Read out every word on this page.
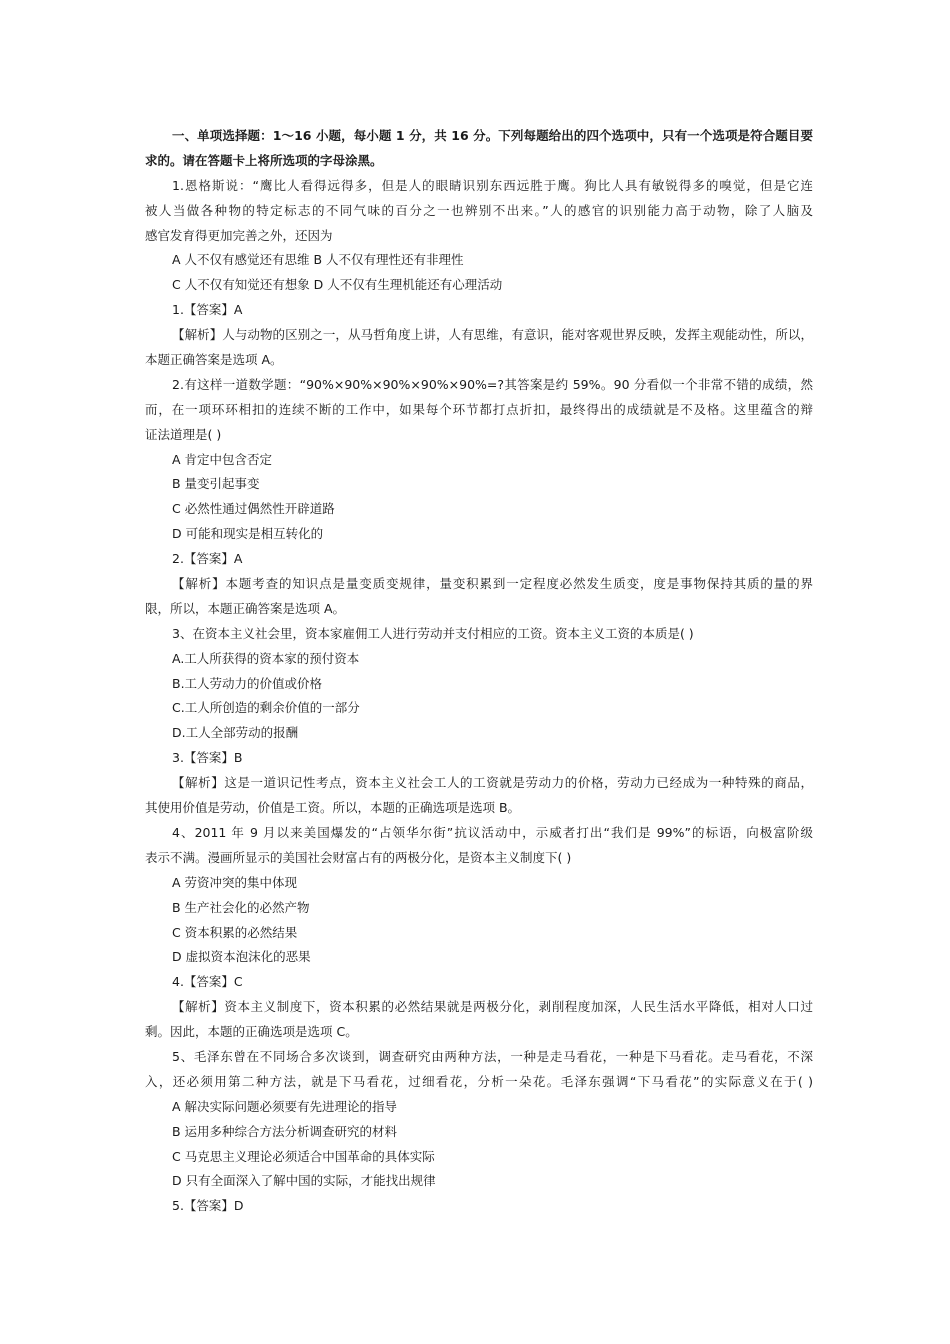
一、单项选择题：1～16 小题，每小题 1 分，共 16 分。下列每题给出的四个选项中，只有一个选项是符合题目要
求的。请在答题卡上将所选项的字母涂黑。
1.恩格斯说：“鹰比人看得远得多，但是人的眼睛识别东西远胜于鹰。狗比人具有敏锐得多的嗅觉，但是它连
被人当做各种物的特定标志的不同气味的百分之一也辨别不出来。”人的感官的识别能力高于动物，除了人脑及
感官发育得更加完善之外，还因为
A 人不仅有感觉还有思维 B 人不仅有理性还有非理性
C 人不仅有知觉还有想象 D 人不仅有生理机能还有心理活动
1.【答案】A
【解析】人与动物的区别之一，从马哲角度上讲，人有思维，有意识，能对客观世界反映，发挥主观能动性，所以，
本题正确答案是选项 A。
2.有这样一道数学题：“90%×90%×90%×90%×90%=?其答案是约 59%。90 分看似一个非常不错的成绩，然
而，在一项环环相扣的连续不断的工作中，如果每个环节都打点折扣，最终得出的成绩就是不及格。这里蕴含的辩
证法道理是( )
A 肯定中包含否定
B 量变引起事变
C 必然性通过偶然性开辟道路
D 可能和现实是相互转化的
2.【答案】A
【解析】本题考查的知识点是量变质变规律，量变积累到一定程度必然发生质变，度是事物保持其质的量的界
限，所以，本题正确答案是选项 A。
3、在资本主义社会里，资本家雇佣工人进行劳动并支付相应的工资。资本主义工资的本质是( )
A.工人所获得的资本家的预付资本
B.工人劳动力的价值或价格
C.工人所创造的剩余价值的一部分
D.工人全部劳动的报酬
3.【答案】B
【解析】这是一道识记性考点，资本主义社会工人的工资就是劳动力的价格，劳动力已经成为一种特殊的商品，
其使用价值是劳动，价值是工资。所以，本题的正确选项是选项 B。
4、2011 年 9 月以来美国爆发的“占领华尔街”抗议活动中，示威者打出“我们是 99%”的标语，向极富阶级
表示不满。漫画所显示的美国社会财富占有的两极分化，是资本主义制度下( )
A 劳资冲突的集中体现
B 生产社会化的必然产物
C 资本积累的必然结果
D 虚拟资本泡沫化的恶果
4.【答案】C
【解析】资本主义制度下，资本积累的必然结果就是两极分化，剥削程度加深，人民生活水平降低，相对人口过
剩。因此，本题的正确选项是选项 C。
5、毛泽东曾在不同场合多次谈到，调查研究由两种方法，一种是走马看花，一种是下马看花。走马看花，不深
入，还必须用第二种方法，就是下马看花，过细看花，分析一朵花。毛泽东强调“下马看花”的实际意义在于( )
A 解决实际问题必须要有先进理论的指导
B 运用多种综合方法分析调查研究的材料
C 马克思主义理论必须适合中国革命的具体实际
D 只有全面深入了解中国的实际，才能找出规律
5.【答案】D
